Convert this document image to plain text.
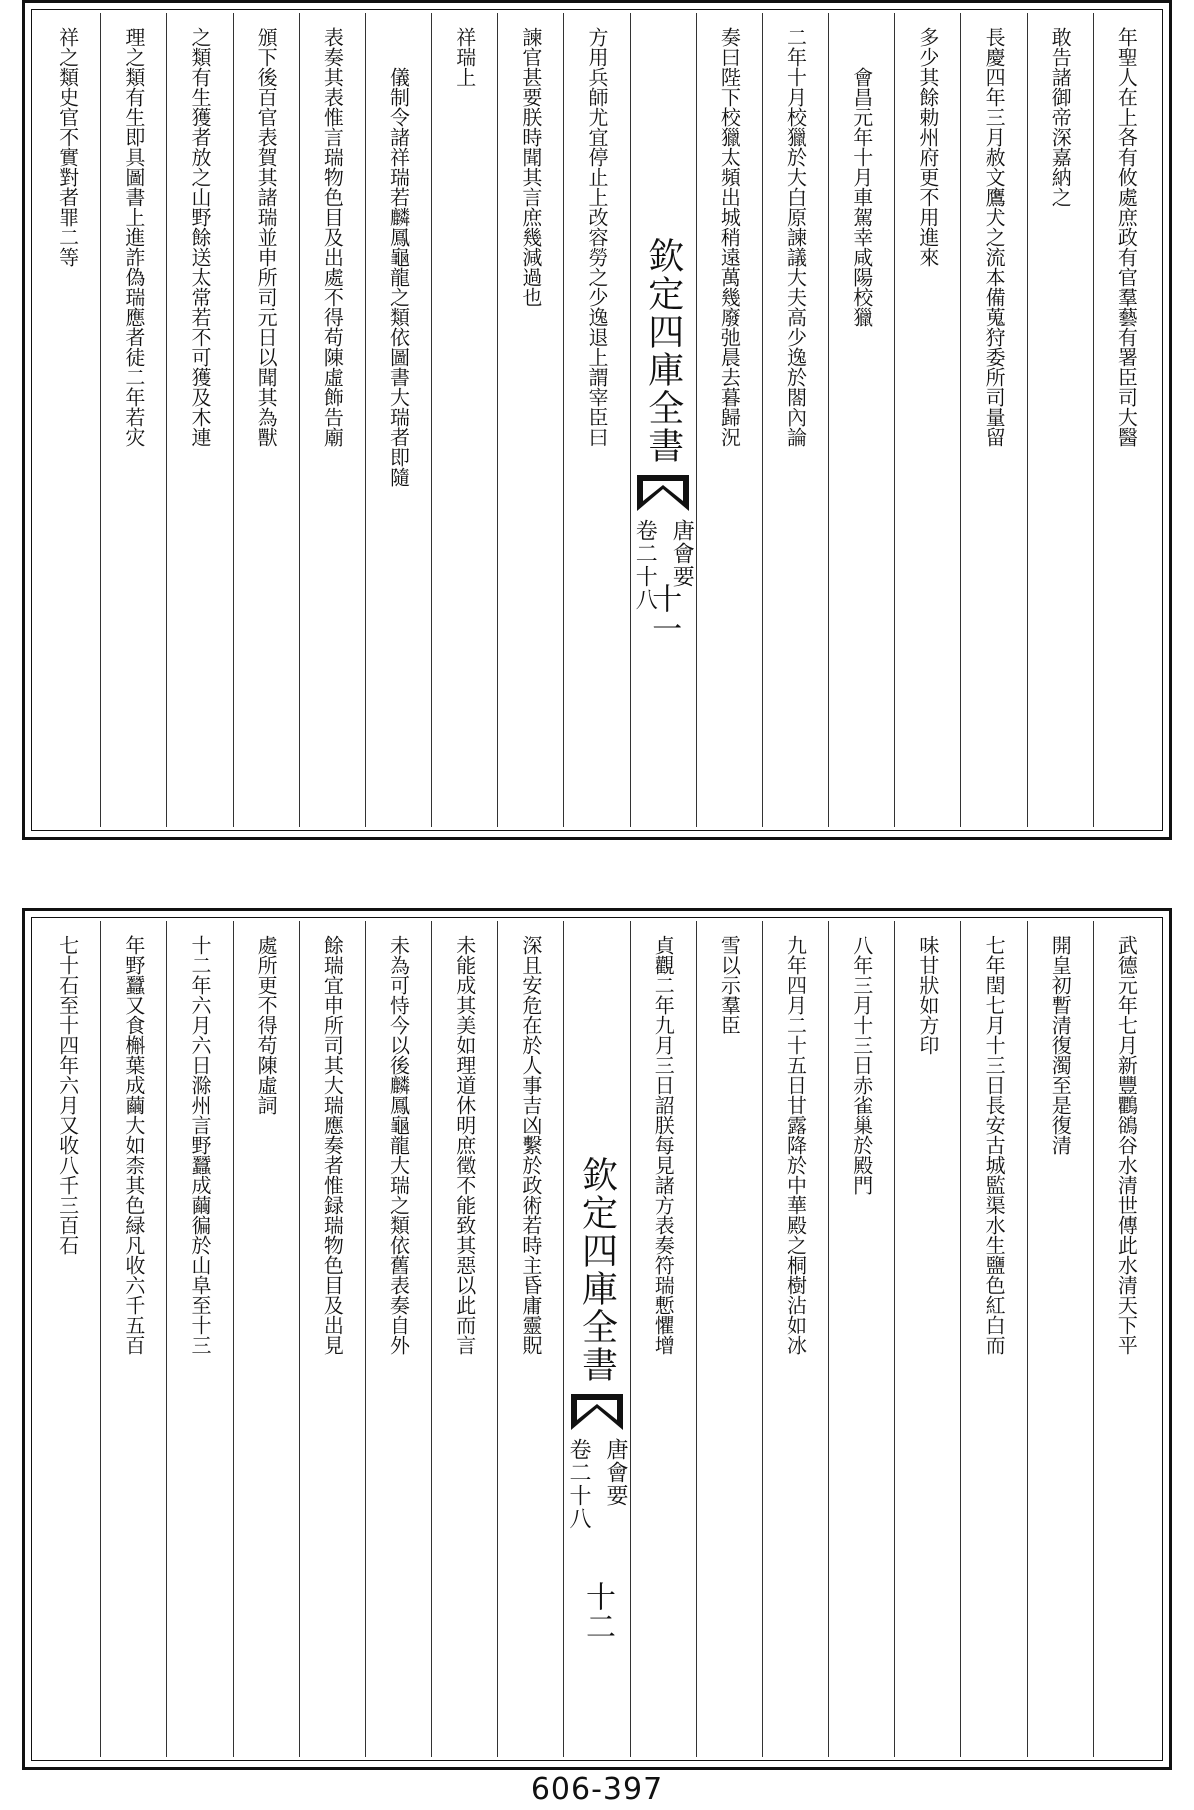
年聖人在上各有攸處庶政有官羣藝有署臣司大醫
敢告諸御帝深嘉納之
長慶四年三月赦文鷹犬之流本備蒐狩委所司量留
多少其餘勅州府更不用進來
會昌元年十月車駕幸咸陽校獵
二年十月校獵於大白原諫議大夫高少逸於閤內論
奏曰陛下校獵太頻出城稍遠萬幾廢弛晨去暮歸況
欽定四庫全書
唐會要
卷二十八
十一
方用兵師尤宜停止上改容勞之少逸退上謂宰臣曰
諫官甚要朕時聞其言庶幾減過也
祥瑞上
儀制令諸祥瑞若麟鳳龜龍之類依圖書大瑞者即隨
表奏其表惟言瑞物色目及出處不得苟陳虛飾告廟
頒下後百官表賀其諸瑞並申所司元日以聞其為獸
之類有生獲者放之山野餘送太常若不可獲及木連
理之類有生即具圖書上進詐偽瑞應者徒二年若灾
祥之類史官不實對者罪二等
武德元年七月新豐鸜鵒谷水清世傳此水清天下平
開皇初暫清復濁至是復清
七年閏七月十三日長安古城監渠水生鹽色紅白而
味甘狀如方印
八年三月十三日赤雀巢於殿門
九年四月二十五日甘露降於中華殿之桐樹沾如冰
雪以示羣臣
貞觀二年九月三日詔朕每見諸方表奏符瑞慙懼增
欽定四庫全書
唐會要
卷二十八
十二
深且安危在於人事吉凶繫於政術若時主昏庸靈貺
未能成其美如理道休明庶徵不能致其惡以此而言
未為可恃今以後麟鳳龜龍大瑞之類依舊表奏自外
餘瑞宜申所司其大瑞應奏者惟録瑞物色目及出見
處所更不得苟陳虛詞
十二年六月六日滁州言野蠶成繭徧於山阜至十三
年野蠶又食槲葉成繭大如柰其色緑凡收六千五百
七十石至十四年六月又收八千三百石
606-397
